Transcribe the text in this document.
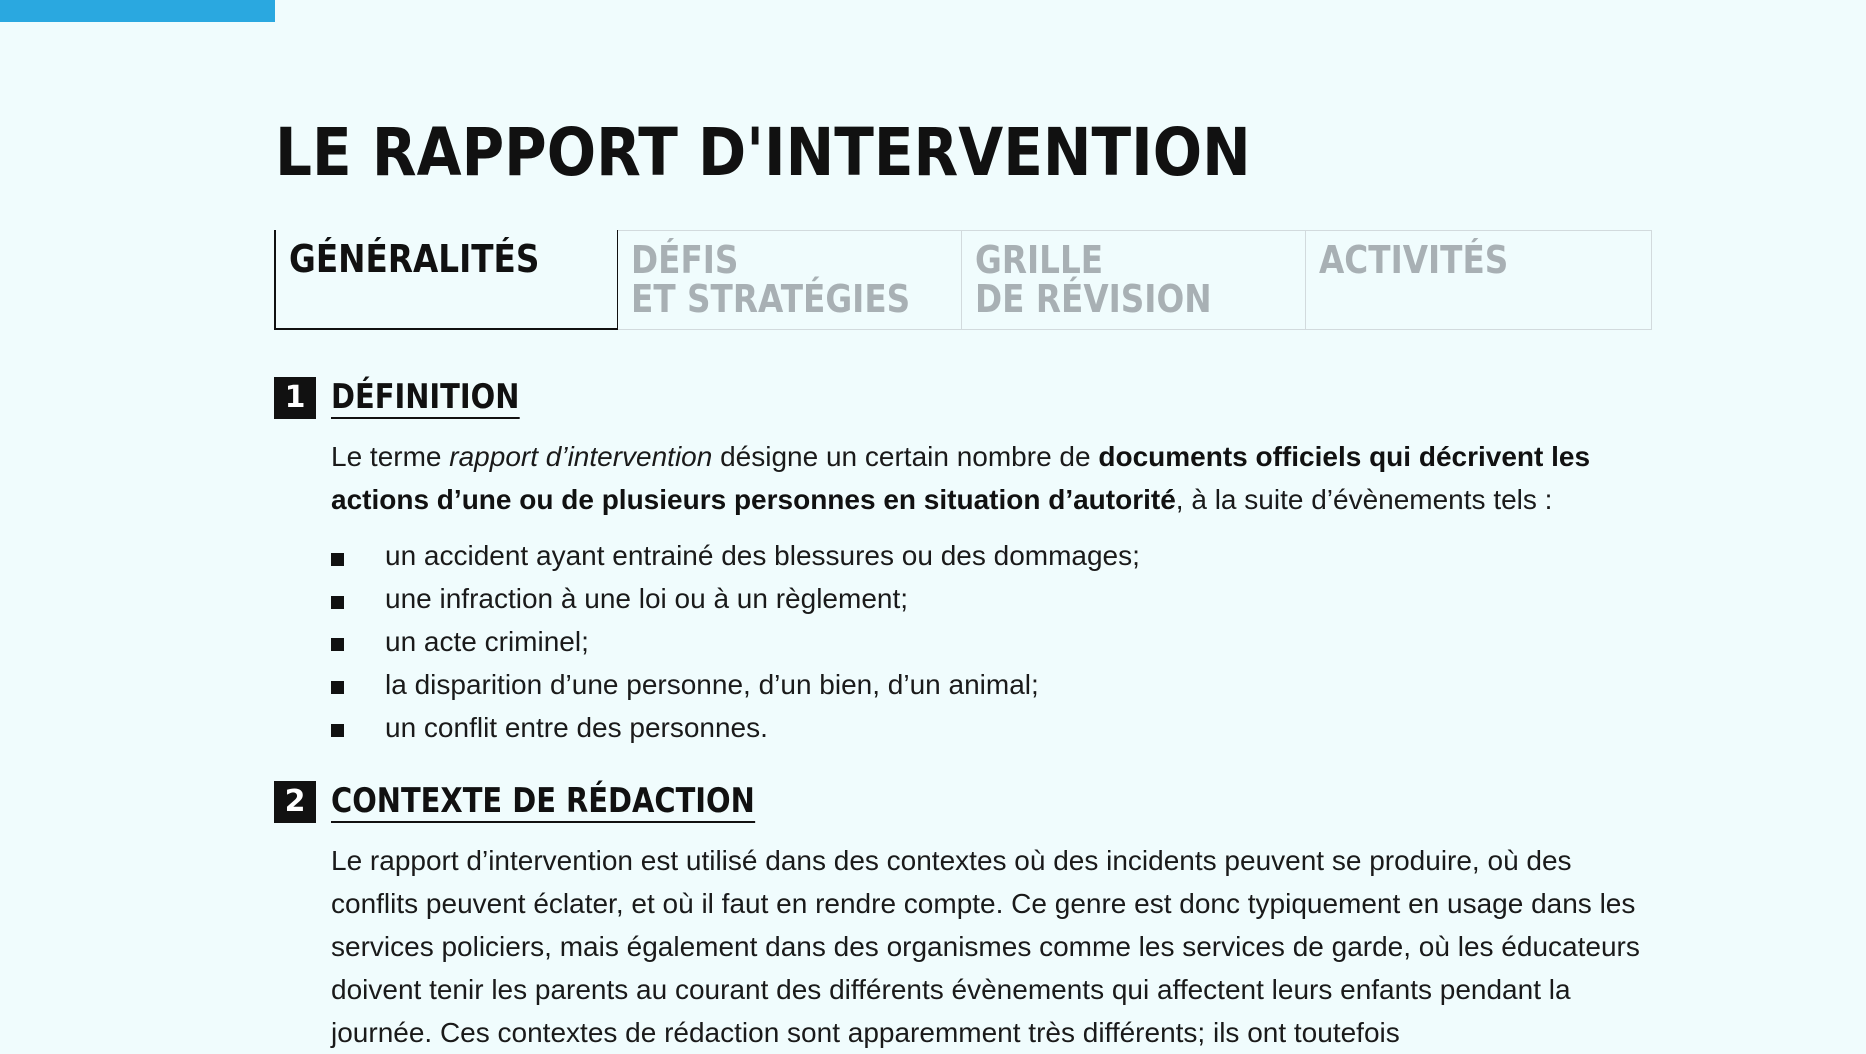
LE RAPPORT D'INTERVENTION
GÉNÉRALITÉS	DÉFIS
ET STRATÉGIES
GRILLE
DE RÉVISION
ACTIVITÉS
1 DÉFINITION

Le terme rapport d’intervention désigne un certain nombre de documents officiels qui décrivent les actions d’une ou de plusieurs personnes en situation d’autorité, à la suite d’évènements tels :

un accident ayant entrainé des blessures ou des dommages;
une infraction à une loi ou à un règlement;
un acte criminel;
la disparition d’une personne, d’un bien, d’un animal;
un conflit entre des personnes.
2 CONTEXTE DE RÉDACTION

Le rapport d’intervention est utilisé dans des contextes où des incidents peuvent se produire, où des conflits peuvent éclater, et où il faut en rendre compte. Ce genre est donc typiquement en usage dans les services policiers, mais également dans des organismes comme les services de garde, où les éducateurs doivent tenir les parents au courant des différents évènements qui affectent leurs enfants pendant la journée. Ces contextes de rédaction sont apparemment très différents; ils ont toutefois
